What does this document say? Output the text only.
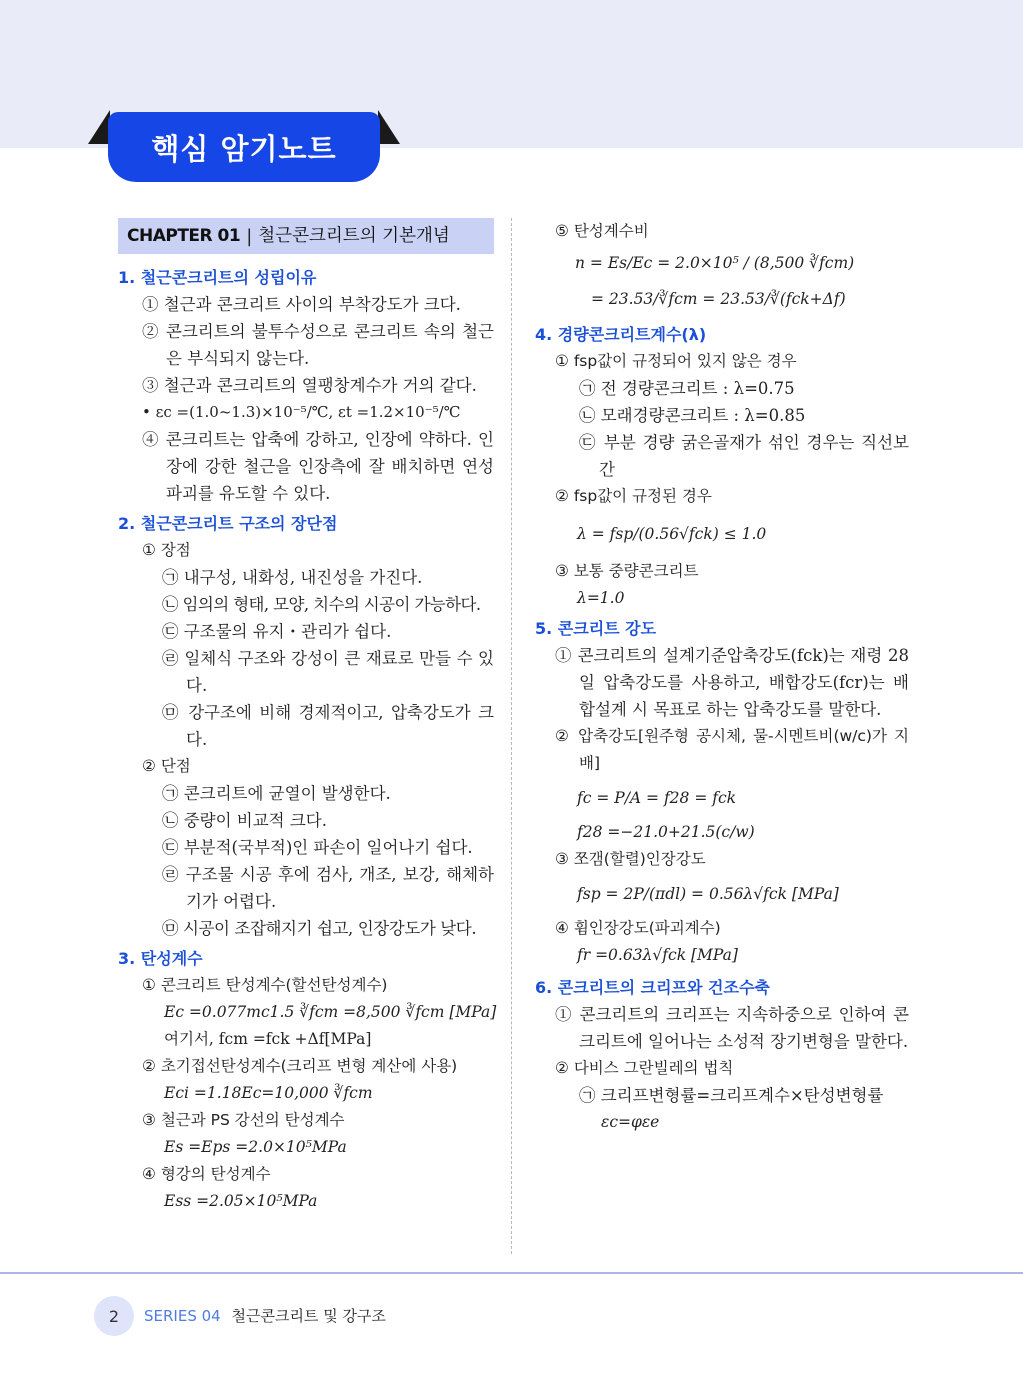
핵심 암기노트
CHAPTER 01 | 철근콘크리트의 기본개념
1. 철근콘크리트의 성립이유
① 철근과 콘크리트 사이의 부착강도가 크다.
② 콘크리트의 불투수성으로 콘크리트 속의 철근은 부식되지 않는다.
③ 철근과 콘크리트의 열팽창계수가 거의 같다.
• εc =(1.0~1.3)×10⁻⁵/℃, εt =1.2×10⁻⁵/℃
④ 콘크리트는 압축에 강하고, 인장에 약하다. 인장에 강한 철근을 인장측에 잘 배치하면 연성파괴를 유도할 수 있다.
2. 철근콘크리트 구조의 장단점
① 장점
㉠ 내구성, 내화성, 내진성을 가진다.
㉡ 임의의 형태, 모양, 치수의 시공이 가능하다.
㉢ 구조물의 유지・관리가 쉽다.
㉣ 일체식 구조와 강성이 큰 재료로 만들 수 있다.
㉤ 강구조에 비해 경제적이고, 압축강도가 크다.
② 단점
㉠ 콘크리트에 균열이 발생한다.
㉡ 중량이 비교적 크다.
㉢ 부분적(국부적)인 파손이 일어나기 쉽다.
㉣ 구조물 시공 후에 검사, 개조, 보강, 해체하기가 어렵다.
㉤ 시공이 조잡해지기 쉽고, 인장강도가 낮다.
3. 탄성계수
① 콘크리트 탄성계수(할선탄성계수)
Ec =0.077mc1.5 ∛fcm =8,500 ∛fcm [MPa]
여기서, fcm =fck +Δf[MPa]
② 초기접선탄성계수(크리프 변형 계산에 사용)
Eci =1.18Ec=10,000 ∛fcm
③ 철근과 PS 강선의 탄성계수
Es =Eps =2.0×10⁵MPa
④ 형강의 탄성계수
Ess =2.05×10⁵MPa
⑤ 탄성계수비
n = Es/Ec = 2.0×10⁵ / (8,500 ∛fcm)
= 23.53/∛fcm = 23.53/∛(fck+Δf)
4. 경량콘크리트계수(λ)
① fsp값이 규정되어 있지 않은 경우
㉠ 전 경량콘크리트 : λ=0.75
㉡ 모래경량콘크리트 : λ=0.85
㉢ 부분 경량 굵은골재가 섞인 경우는 직선보간
② fsp값이 규정된 경우
λ = fsp/(0.56√fck) ≤ 1.0
③ 보통 중량콘크리트
λ=1.0
5. 콘크리트 강도
① 콘크리트의 설계기준압축강도(fck)는 재령 28일 압축강도를 사용하고, 배합강도(fcr)는 배합설계 시 목표로 하는 압축강도를 말한다.
② 압축강도[원주형 공시체, 물-시멘트비(w/c)가 지배]
fc = P/A = f28 = fck
f28 =−21.0+21.5(c/w)
③ 쪼갬(할렬)인장강도
fsp = 2P/(πdl) = 0.56λ√fck [MPa]
④ 휨인장강도(파괴계수)
fr =0.63λ√fck [MPa]
6. 콘크리트의 크리프와 건조수축
① 콘크리트의 크리프는 지속하중으로 인하여 콘크리트에 일어나는 소성적 장기변형을 말한다.
② 다비스 그란빌레의 법칙
㉠ 크리프변형률=크리프계수×탄성변형률
εc=φεe
2	SERIES 04 철근콘크리트 및 강구조
